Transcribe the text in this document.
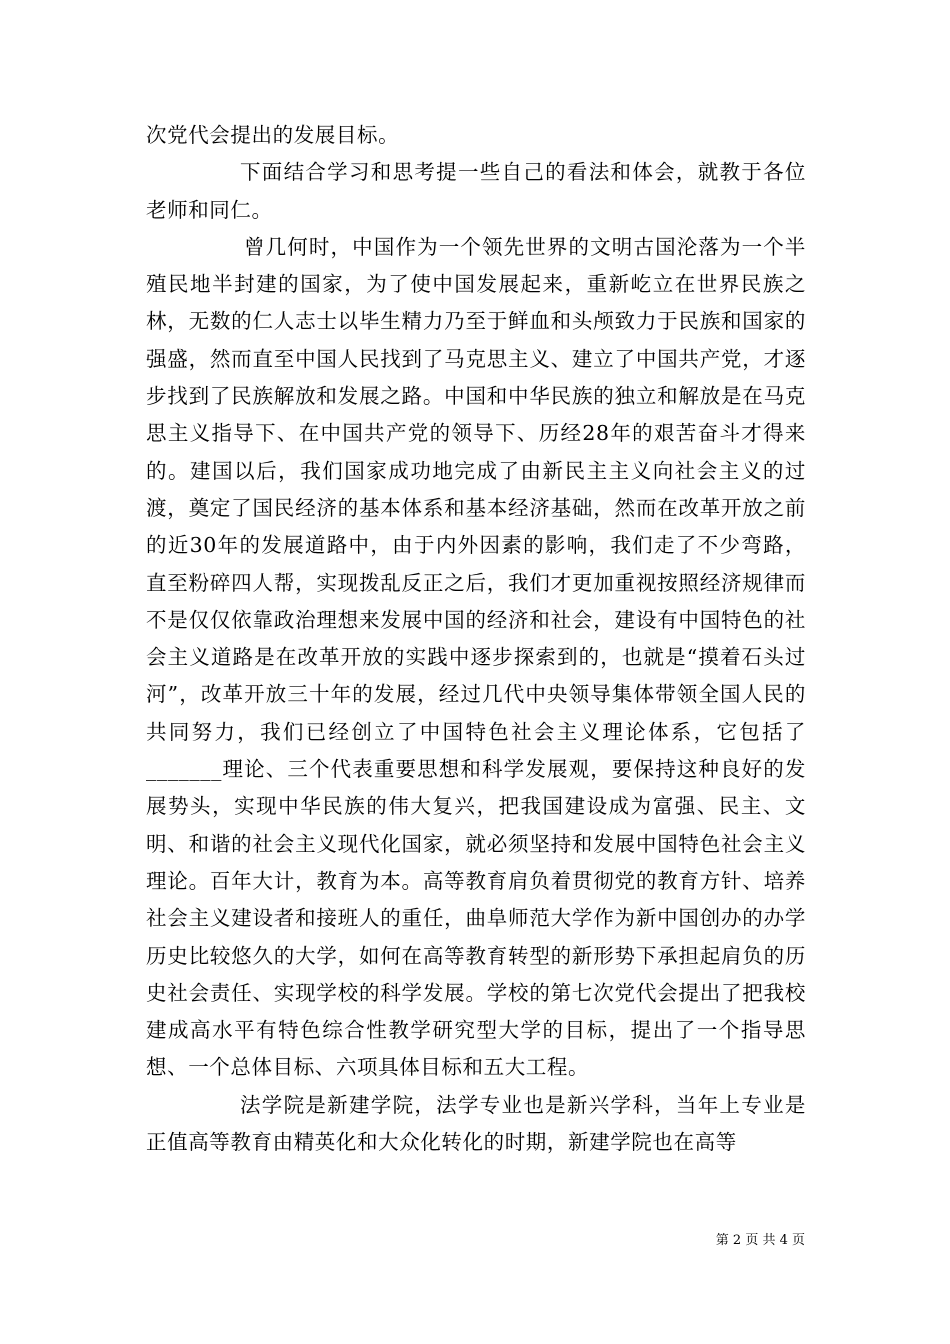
次党代会提出的发展目标。

下面结合学习和思考提一些自己的看法和体会，就教于各位老师和同仁。

曾几何时，中国作为一个领先世界的文明古国沦落为一个半殖民地半封建的国家，为了使中国发展起来，重新屹立在世界民族之林，无数的仁人志士以毕生精力乃至于鲜血和头颅致力于民族和国家的强盛，然而直至中国人民找到了马克思主义、建立了中国共产党，才逐步找到了民族解放和发展之路。中国和中华民族的独立和解放是在马克思主义指导下、在中国共产党的领导下、历经28年的艰苦奋斗才得来的。建国以后，我们国家成功地完成了由新民主主义向社会主义的过渡，奠定了国民经济的基本体系和基本经济基础，然而在改革开放之前的近30年的发展道路中，由于内外因素的影响，我们走了不少弯路，直至粉碎四人帮，实现拨乱反正之后，我们才更加重视按照经济规律而不是仅仅依靠政治理想来发展中国的经济和社会，建设有中国特色的社会主义道路是在改革开放的实践中逐步探索到的，也就是“摸着石头过河”，改革开放三十年的发展，经过几代中央领导集体带领全国人民的共同努力，我们已经创立了中国特色社会主义理论体系，它包括了_______理论、三个代表重要思想和科学发展观，要保持这种良好的发展势头，实现中华民族的伟大复兴，把我国建设成为富强、民主、文明、和谐的社会主义现代化国家，就必须坚持和发展中国特色社会主义理论。百年大计，教育为本。高等教育肩负着贯彻党的教育方针、培养社会主义建设者和接班人的重任，曲阜师范大学作为新中国创办的办学历史比较悠久的大学，如何在高等教育转型的新形势下承担起肩负的历史社会责任、实现学校的科学发展。学校的第七次党代会提出了把我校建成高水平有特色综合性教学研究型大学的目标，提出了一个指导思想、一个总体目标、六项具体目标和五大工程。

法学院是新建学院，法学专业也是新兴学科，当年上专业是正值高等教育由精英化和大众化转化的时期，新建学院也在高等

第 2 页 共 4 页
